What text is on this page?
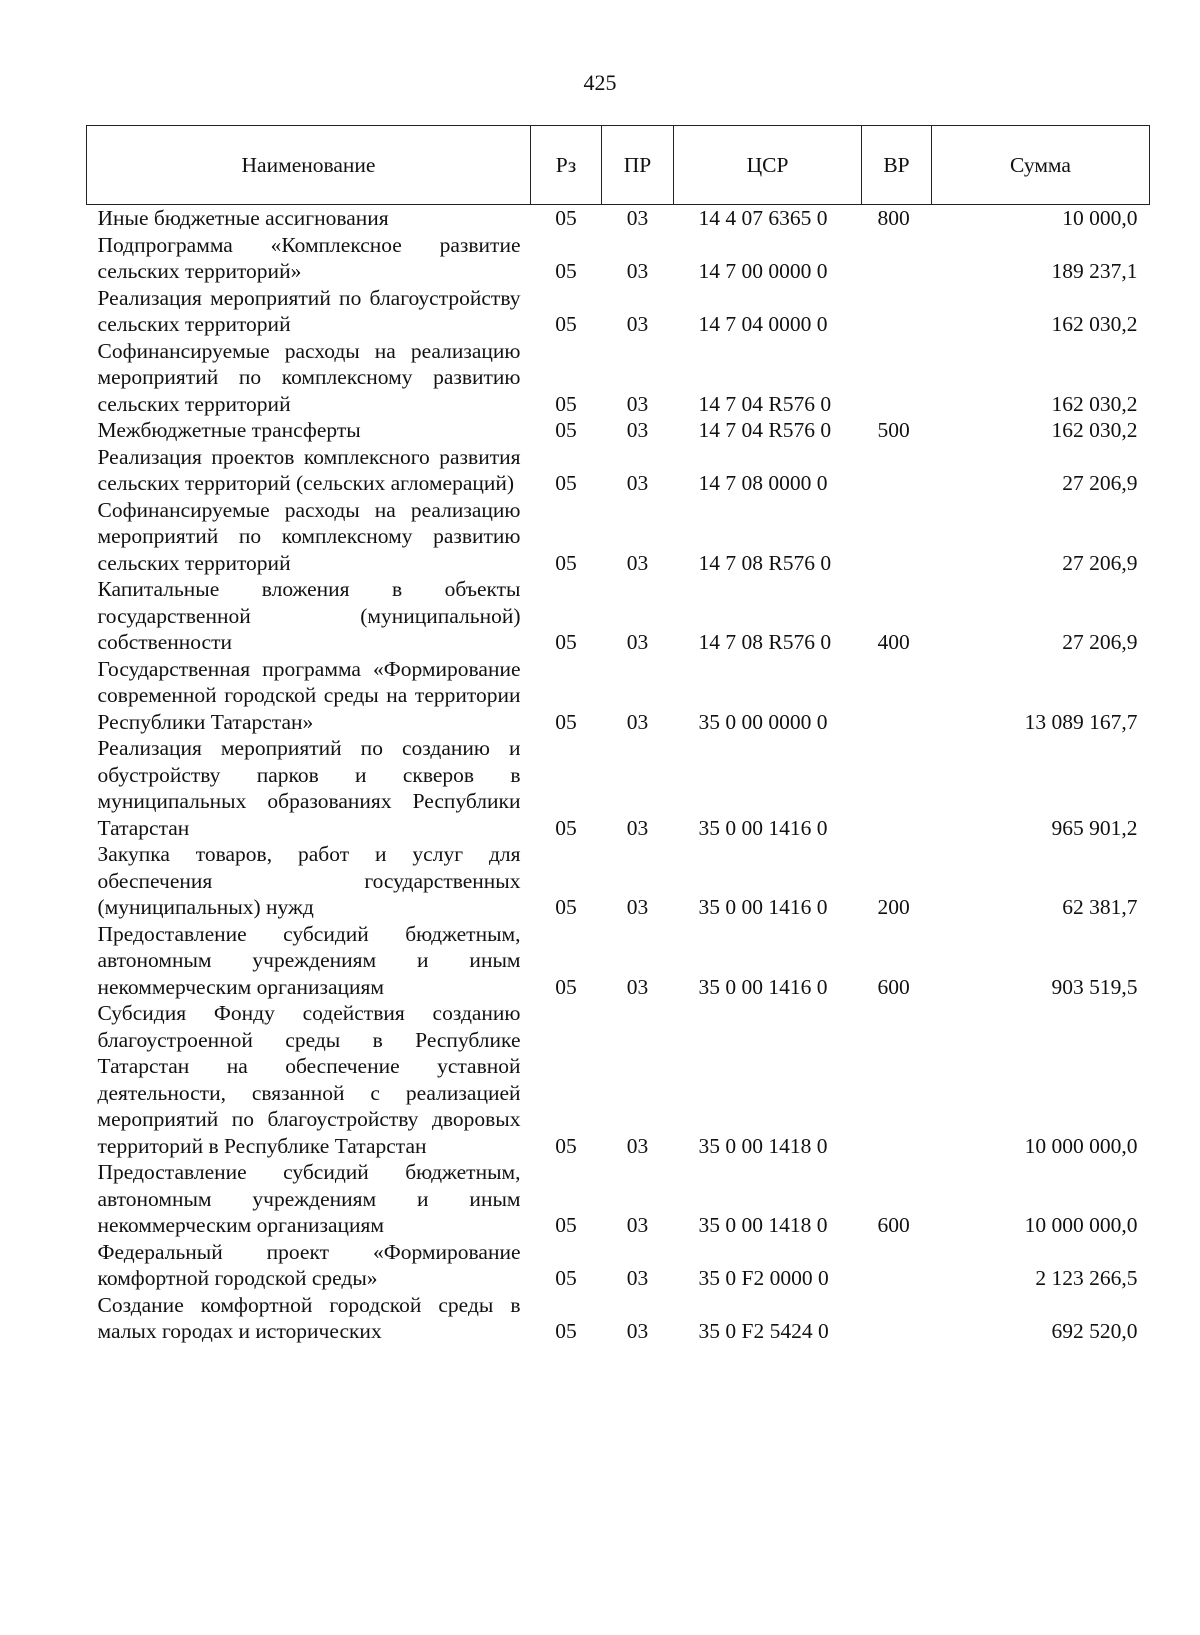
425
Наименование	Рз	ПР	ЦСР	ВР	Сумма
Иные бюджетные ассигнования	05	03	14 4 07 6365 0	800	10 000,0
Подпрограмма «Комплексное развитие сельских территорий»	05	03	14 7 00 0000 0		189 237,1
Реализация мероприятий по благоустройству сельских территорий	05	03	14 7 04 0000 0		162 030,2
Софинансируемые расходы на реализацию мероприятий по комплексному развитию сельских территорий	05	03	14 7 04 R576 0		162 030,2
Межбюджетные трансферты	05	03	14 7 04 R576 0	500	162 030,2
Реализация проектов комплексного развития сельских территорий (сельских агломераций)	05	03	14 7 08 0000 0		27 206,9
Софинансируемые расходы на реализацию мероприятий по комплексному развитию сельских территорий	05	03	14 7 08 R576 0		27 206,9
Капитальные вложения в объекты государственной (муниципальной) собственности	05	03	14 7 08 R576 0	400	27 206,9
Государственная программа «Формирование современной городской среды на территории Республики Татарстан»	05	03	35 0 00 0000 0		13 089 167,7
Реализация мероприятий по созданию и обустройству парков и скверов в муниципальных образованиях Республики Татарстан	05	03	35 0 00 1416 0		965 901,2
Закупка товаров, работ и услуг для обеспечения государственных (муниципальных) нужд	05	03	35 0 00 1416 0	200	62 381,7
Предоставление субсидий бюджетным, автономным учреждениям и иным некоммерческим организациям	05	03	35 0 00 1416 0	600	903 519,5
Субсидия Фонду содействия созданию благоустроенной среды в Республике Татарстан на обеспечение уставной деятельности, связанной с реализацией мероприятий по благоустройству дворовых территорий в Республике Татарстан	05	03	35 0 00 1418 0		10 000 000,0
Предоставление субсидий бюджетным, автономным учреждениям и иным некоммерческим организациям	05	03	35 0 00 1418 0	600	10 000 000,0
Федеральный проект «Формирование комфортной городской среды»	05	03	35 0 F2 0000 0		2 123 266,5
Создание комфортной городской среды в малых городах и исторических	05	03	35 0 F2 5424 0		692 520,0
